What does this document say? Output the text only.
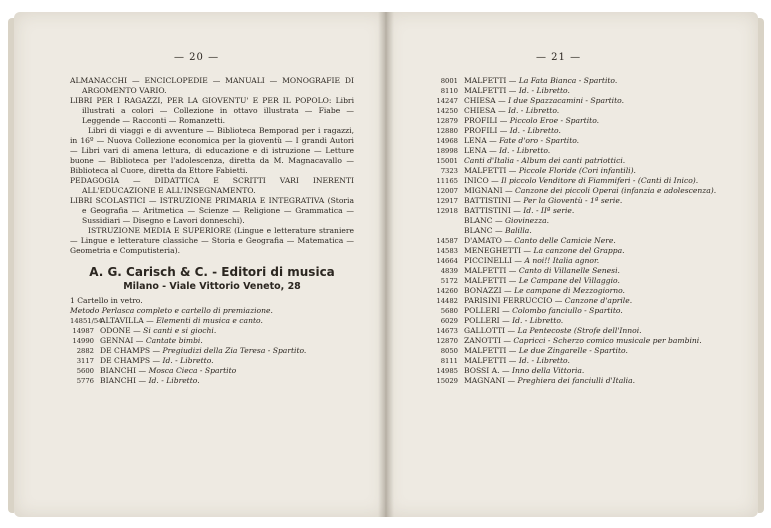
— 20 —

ALMANACCHI — ENCICLOPEDIE — MANUALI — MONOGRAFIE DI ARGOMENTO VARIO.

LIBRI PER I RAGAZZI, PER LA GIOVENTU' E PER IL POPOLO: Libri illustrati a colori — Collezione in ottavo illustrata — Fiabe — Leggende — Racconti — Romanzetti.

Libri di viaggi e di avventure — Biblioteca Bemporad per i ragazzi, in 16º — Nuova Collezione economica per la gioventù — I grandi Autori — Libri vari di amena lettura, di educazione e di istruzione — Letture buone — Biblioteca per l'adolescenza, diretta da M. Magnacavallo — Biblioteca al Cuore, diretta da Ettore Fabietti.

PEDAGOGIA — DIDATTICA E SCRITTI VARI INERENTI ALL'EDUCAZIONE E ALL'INSEGNAMENTO.

LIBRI SCOLASTICI — ISTRUZIONE PRIMARIA E INTEGRATIVA (Storia e Geografia — Aritmetica — Scienze — Religione — Grammatica — Sussidiari — Disegno e Lavori donneschi).

ISTRUZIONE MEDIA E SUPERIORE (Lingue e letterature straniere — Lingue e letterature classiche — Storia e Geografia — Matematica — Geometria e Computisteria).

A. G. Carisch & C. - Editori di musica
Milano - Viale Vittorio Veneto, 28

1 Cartello in vetro.

Metodo Perlasca completo e cartello di premiazione.

14851/54
ALTAVILLA — Elementi di musica e canto.
14987 ODONE — Si canti e si giochi.
14990 GENNAI — Cantate bimbi.
2882 DE CHAMPS — Pregiudizi della Zia Teresa - Spartito.
3117 DE CHAMPS — Id. - Libretto.
5600 BIANCHI — Mosca Cieca - Spartito
5776 BIANCHI — Id. - Libretto.
— 21 —
8001 MALFETTI — La Fata Bianca - Spartito.
8110 MALFETTI — Id. - Libretto.
14247 CHIESA — I due Spazzacamini - Spartito.
14250 CHIESA — Id. - Libretto.
12879 PROFILI — Piccolo Eroe - Spartito.
12880 PROFILI — Id. - Libretto.
14968 LENA — Fate d'oro - Spartito.
18998 LENA — Id. - Libretto.
15001 Canti d'Italia - Album dei canti patriottici.
7323 MALFETTI — Piccole Floride (Cori infantili).
11165 INICO — Il piccolo Venditore di Fiammiferi - (Canti di Inico).
12007 MIGNANI — Canzone dei piccoli Operai (infanzia e adolescenza).
12917 BATTISTINI — Per la Gioventù - 1ª serie.
12918 BATTISTINI — Id. - IIª serie.
BLANC — Giovinezza.
BLANC — Balilla.
14587 D'AMATO — Canto delle Camicie Nere.
14583 MENEGHETTI — La canzone del Grappa.
14664 PICCINELLI — A noi!! Italia agnor.
4839 MALFETTI — Canto di Villanelle Senesi.
5172 MALFETTI — Le Campane del Villaggio.
14260 BONAZZI — Le campane di Mezzogiorno.
14482 PARISINI FERRUCCIO — Canzone d'aprile.
5680 POLLERI — Colombo fanciullo - Spartito.
6029 POLLERI — Id. - Libretto.
14673 GALLOTTI — La Pentecoste (Strofe dell'Innoi.
12870 ZANOTTI — Capricci - Scherzo comico musicale per bambini.
8050 MALFETTI — Le due Zingarelle - Spartito.
8111 MALFETTI — Id. - Libretto.
14985 BOSSI A. — Inno della Vittoria.
15029 MAGNANI — Preghiera dei fanciulli d'Italia.
